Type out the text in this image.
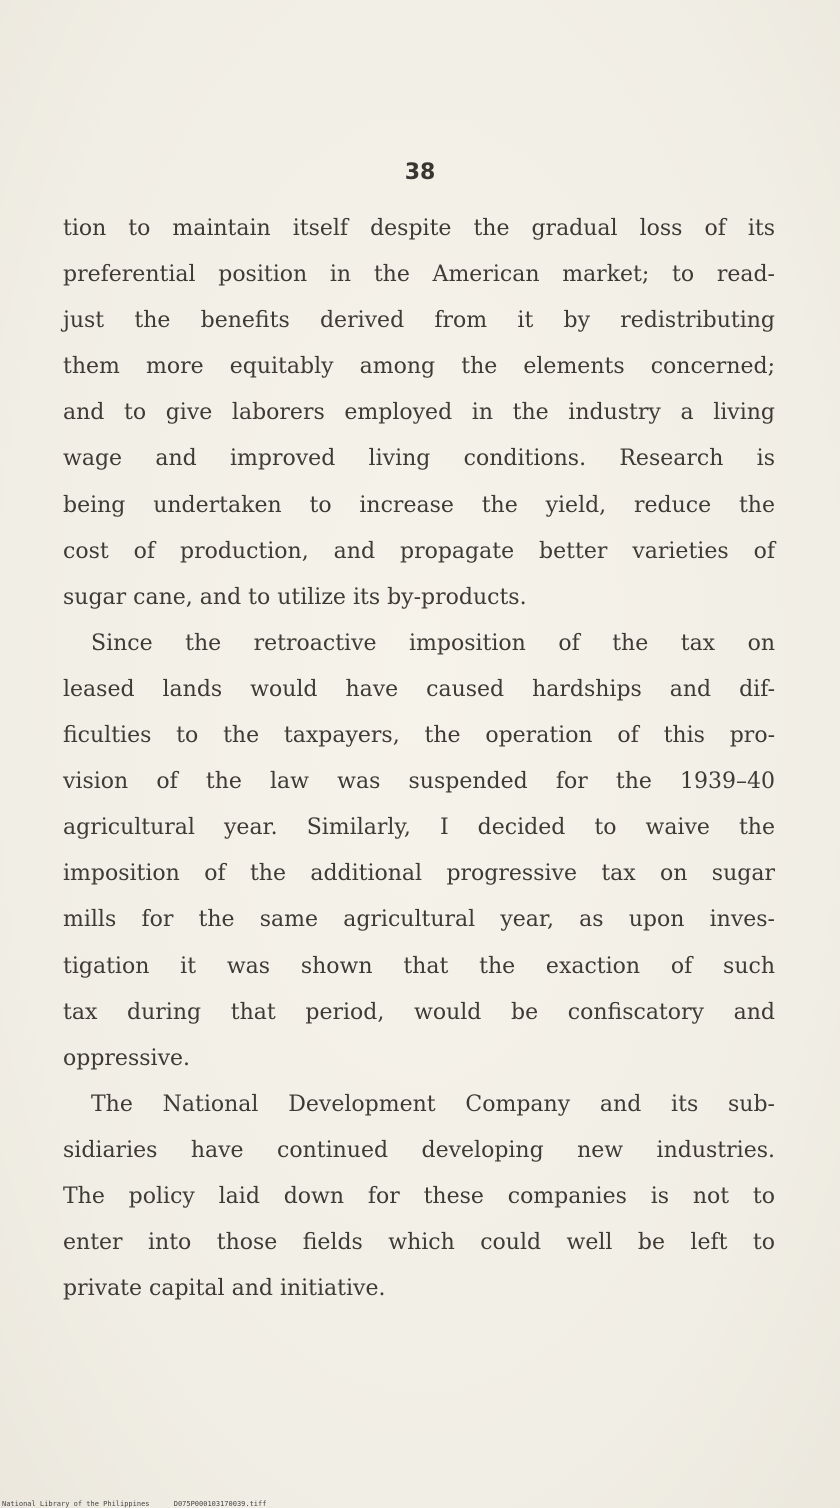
38
tion to maintain itself despite the gradual loss of its
preferential position in the American market; to read-
just the benefits derived from it by redistributing
them more equitably among the elements concerned;
and to give laborers employed in the industry a living
wage and improved living conditions. Research is
being undertaken to increase the yield, reduce the
cost of production, and propagate better varieties of
sugar cane, and to utilize its by-products.
Since the retroactive imposition of the tax on
leased lands would have caused hardships and dif-
ficulties to the taxpayers, the operation of this pro-
vision of the law was suspended for the 1939–40
agricultural year. Similarly, I decided to waive the
imposition of the additional progressive tax on sugar
mills for the same agricultural year, as upon inves-
tigation it was shown that the exaction of such
tax during that period, would be confiscatory and
oppressive.
The National Development Company and its sub-
sidiaries have continued developing new industries.
The policy laid down for these companies is not to
enter into those fields which could well be left to
private capital and initiative.
National Library of the Philippines	D075P000103170039.tiff
